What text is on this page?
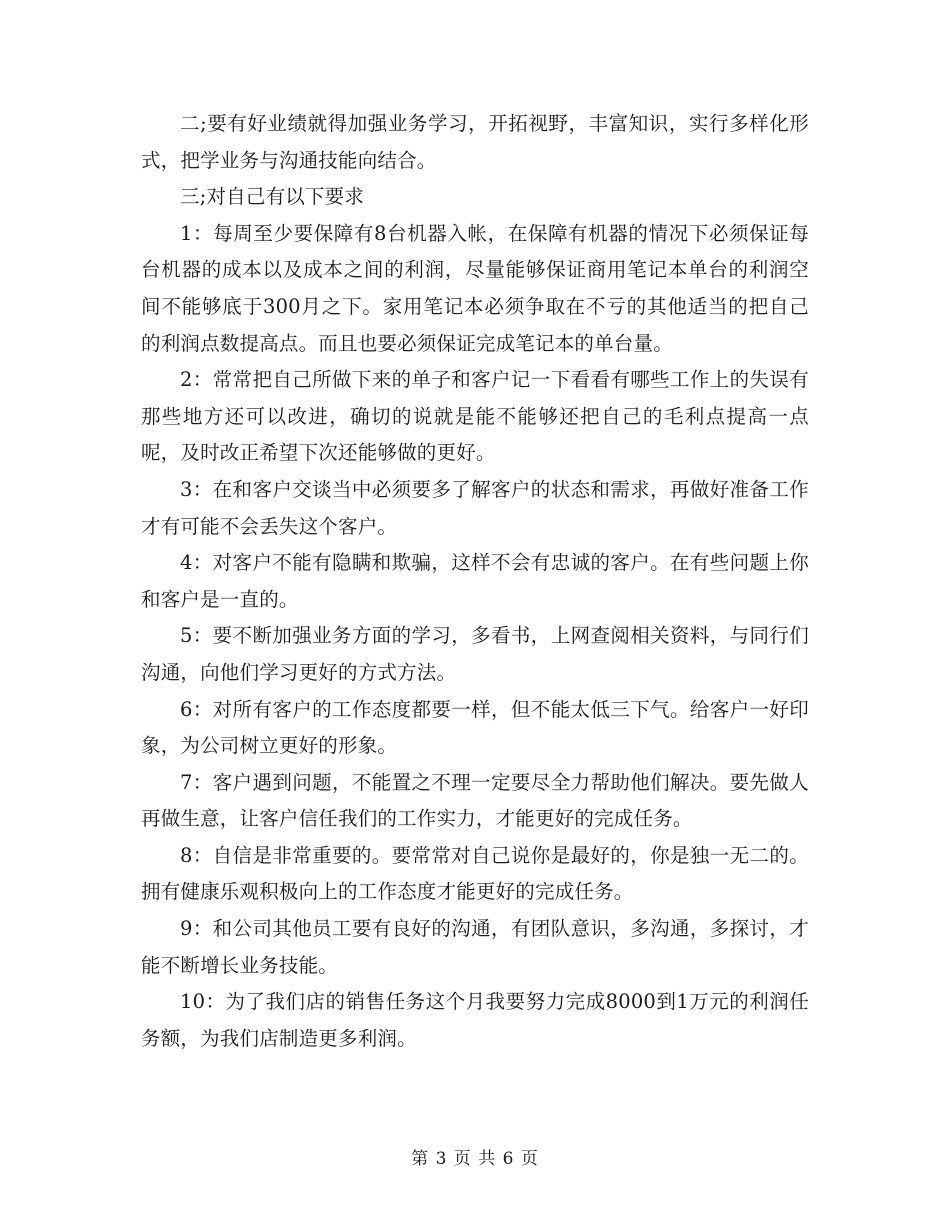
二;要有好业绩就得加强业务学习，开拓视野，丰富知识，实行多样化形式，把学业务与沟通技能向结合。

三;对自己有以下要求

1：每周至少要保障有8台机器入帐，在保障有机器的情况下必须保证每台机器的成本以及成本之间的利润，尽量能够保证商用笔记本单台的利润空间不能够底于300月之下。家用笔记本必须争取在不亏的其他适当的把自己的利润点数提高点。而且也要必须保证完成笔记本的单台量。

2：常常把自己所做下来的单子和客户记一下看看有哪些工作上的失误有那些地方还可以改进，确切的说就是能不能够还把自己的毛利点提高一点呢，及时改正希望下次还能够做的更好。

3：在和客户交谈当中必须要多了解客户的状态和需求，再做好准备工作才有可能不会丢失这个客户。

4：对客户不能有隐瞒和欺骗，这样不会有忠诚的客户。在有些问题上你和客户是一直的。

5：要不断加强业务方面的学习，多看书，上网查阅相关资料，与同行们沟通，向他们学习更好的方式方法。

6：对所有客户的工作态度都要一样，但不能太低三下气。给客户一好印象，为公司树立更好的形象。

7：客户遇到问题，不能置之不理一定要尽全力帮助他们解决。要先做人再做生意，让客户信任我们的工作实力，才能更好的完成任务。

8：自信是非常重要的。要常常对自己说你是最好的，你是独一无二的。拥有健康乐观积极向上的工作态度才能更好的完成任务。

9：和公司其他员工要有良好的沟通，有团队意识，多沟通，多探讨，才能不断增长业务技能。

10：为了我们店的销售任务这个月我要努力完成8000到1万元的利润任务额，为我们店制造更多利润。

第 3 页 共 6 页
